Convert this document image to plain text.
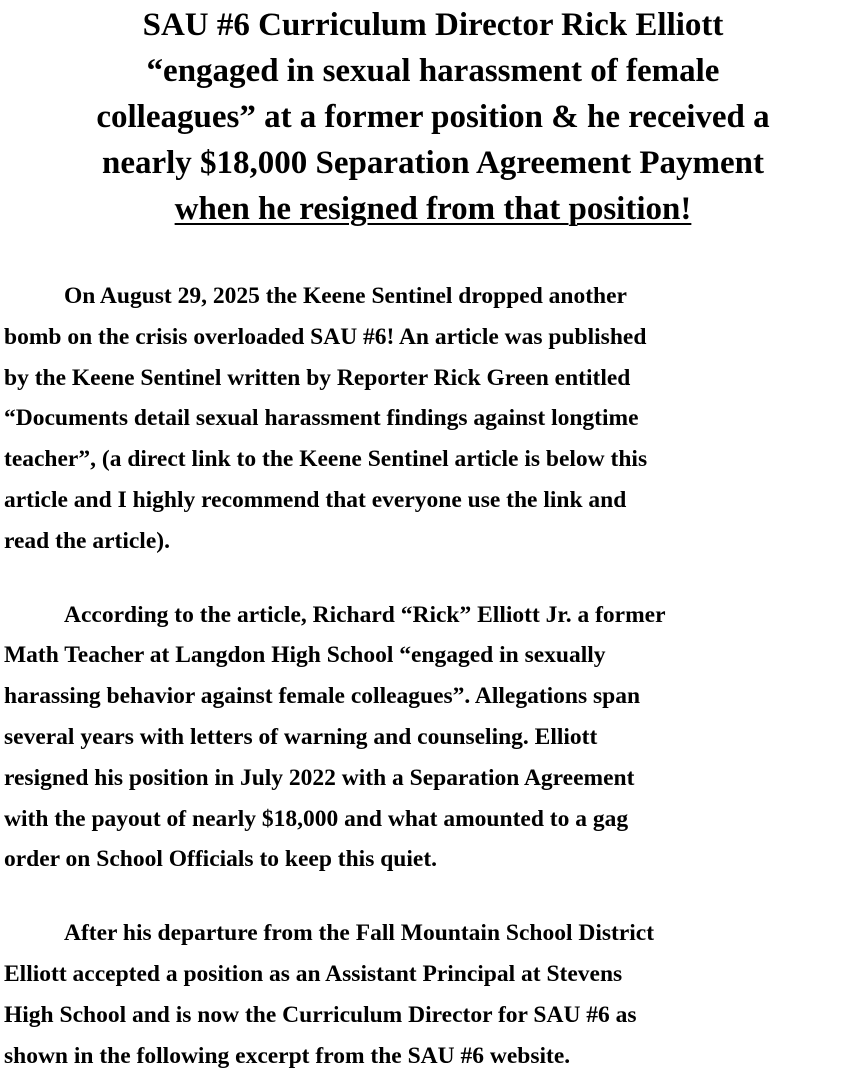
SAU #6 Curriculum Director Rick Elliott
“engaged in sexual harassment of female
colleagues” at a former position & he received a
nearly $18,000 Separation Agreement Payment
when he resigned from that position!

On August 29, 2025 the Keene Sentinel dropped another
bomb on the crisis overloaded SAU #6! An article was published
by the Keene Sentinel written by Reporter Rick Green entitled
“Documents detail sexual harassment findings against longtime
teacher”, (a direct link to the Keene Sentinel article is below this
article and I highly recommend that everyone use the link and
read the article).

According to the article, Richard “Rick” Elliott Jr. a former
Math Teacher at Langdon High School “engaged in sexually
harassing behavior against female colleagues”. Allegations span
several years with letters of warning and counseling. Elliott
resigned his position in July 2022 with a Separation Agreement
with the payout of nearly $18,000 and what amounted to a gag
order on School Officials to keep this quiet.

After his departure from the Fall Mountain School District
Elliott accepted a position as an Assistant Principal at Stevens
High School and is now the Curriculum Director for SAU #6 as
shown in the following excerpt from the SAU #6 website.
